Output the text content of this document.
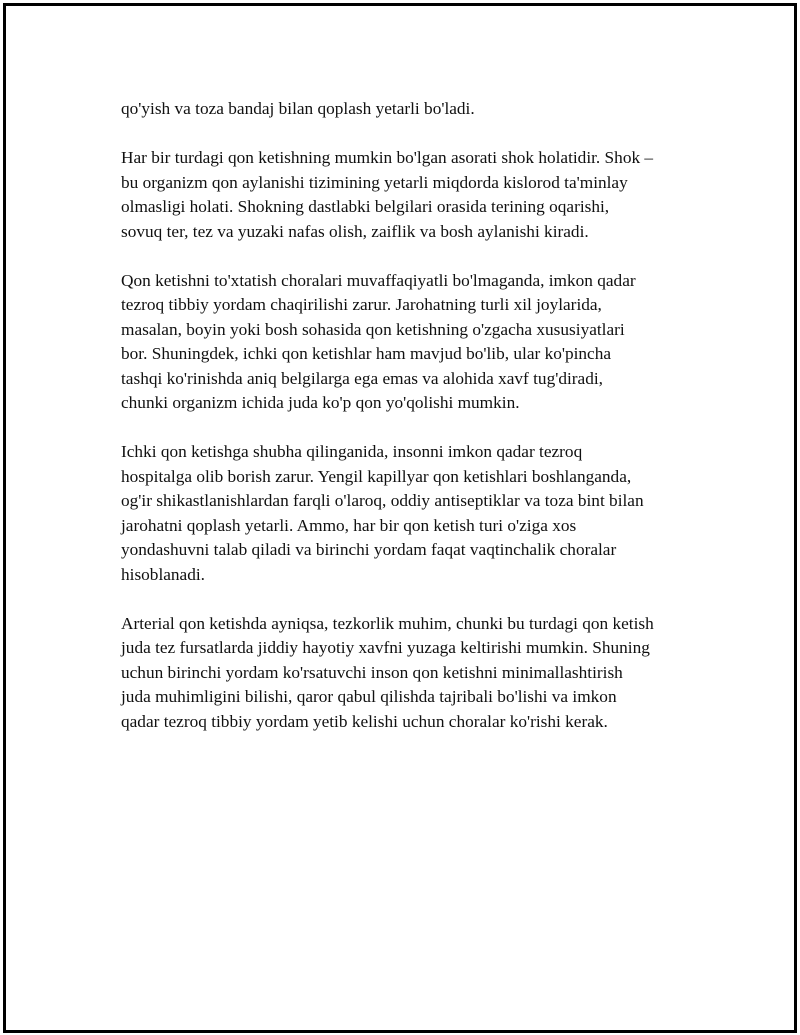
qo'yish va toza bandaj bilan qoplash yetarli bo'ladi.

Har bir turdagi qon ketishning mumkin bo'lgan asorati shok holatidir. Shok –
bu organizm qon aylanishi tizimining yetarli miqdorda kislorod ta'minlay
olmasligi holati. Shokning dastlabki belgilari orasida terining oqarishi,
sovuq ter, tez va yuzaki nafas olish, zaiflik va bosh aylanishi kiradi.

Qon ketishni to'xtatish choralari muvaffaqiyatli bo'lmaganda, imkon qadar
tezroq tibbiy yordam chaqirilishi zarur. Jarohatning turli xil joylarida,
masalan, boyin yoki bosh sohasida qon ketishning o'zgacha xususiyatlari
bor. Shuningdek, ichki qon ketishlar ham mavjud bo'lib, ular ko'pincha
tashqi ko'rinishda aniq belgilarga ega emas va alohida xavf tug'diradi,
chunki organizm ichida juda ko'p qon yo'qolishi mumkin.

Ichki qon ketishga shubha qilinganida, insonni imkon qadar tezroq
hospitalga olib borish zarur. Yengil kapillyar qon ketishlari boshlanganda,
og'ir shikastlanishlardan farqli o'laroq, oddiy antiseptiklar va toza bint bilan
jarohatni qoplash yetarli. Ammo, har bir qon ketish turi o'ziga xos
yondashuvni talab qiladi va birinchi yordam faqat vaqtinchalik choralar
hisoblanadi.

Arterial qon ketishda ayniqsa, tezkorlik muhim, chunki bu turdagi qon ketish
juda tez fursatlarda jiddiy hayotiy xavfni yuzaga keltirishi mumkin. Shuning
uchun birinchi yordam ko'rsatuvchi inson qon ketishni minimallashtirish
juda muhimligini bilishi, qaror qabul qilishda tajribali bo'lishi va imkon
qadar tezroq tibbiy yordam yetib kelishi uchun choralar ko'rishi kerak.
